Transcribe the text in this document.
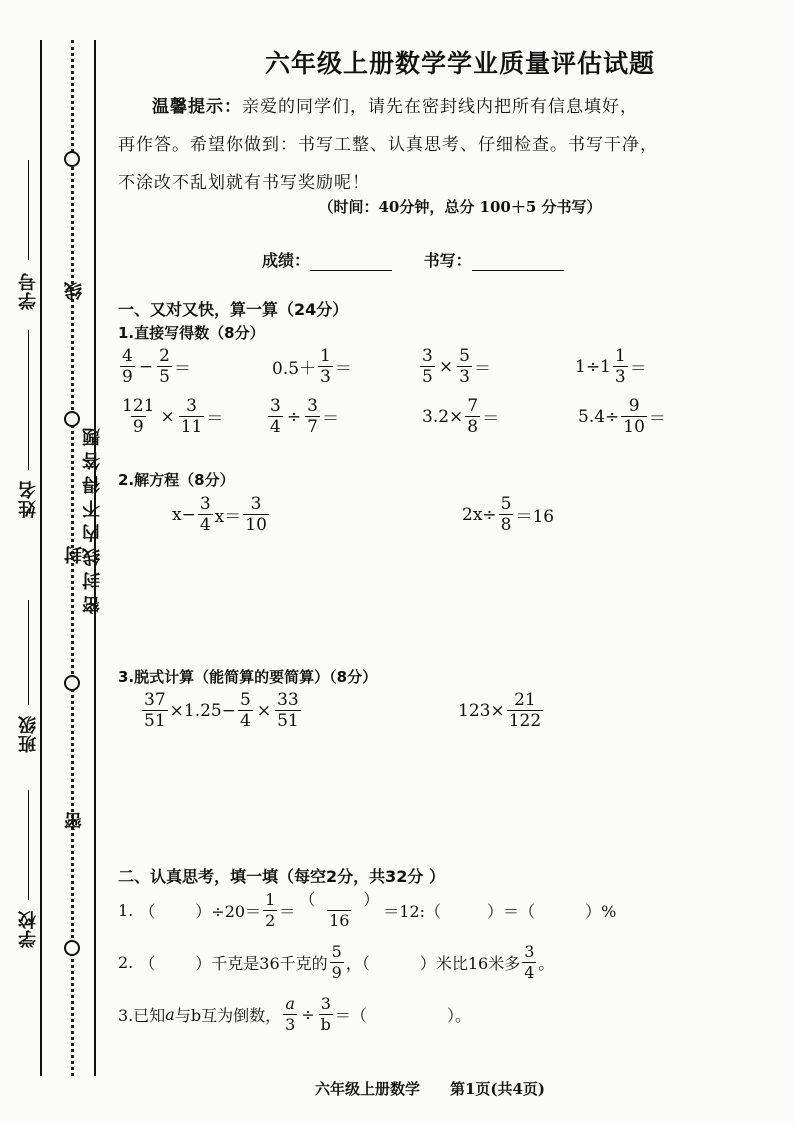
学号
姓名
班级
学校
线
封
密
密封线内不得答题
六年级上册数学学业质量评估试题
温馨提示：亲爱的同学们，请先在密封线内把所有信息填好，
再作答。希望你做到：书写工整、认真思考、仔细检查。书写干净，
不涂改不乱划就有书写奖励呢！
（时间：40分钟，总分 100＋5 分书写）
成绩：	书写：
一、又对又快，算一算（24分）
1.直接写得数（8分）
$\frac{4}{9} - \frac{2}{5}$ ＝	$0.5+ \frac{1}{3}$ ＝	$\frac{3}{5} \times \frac{5}{3}$ ＝	$1\div 1 \frac{1}{3}$ ＝
$\frac{121}{9} \times \frac{3}{11}$ ＝	$\frac{3}{4} \div \frac{3}{7}$ ＝	$3.2\times \frac{7}{8}$ ＝	$5.4\div \frac{9}{10}$ ＝
2.解方程（8分）
$x- \frac{3}{4} x= \frac{3}{10}$	$2x\div \frac{5}{8} =16$
3.脱式计算（能简算的要简算）（8分）
$\frac{37}{51} \times 1.25- \frac{5}{4} \times \frac{33}{51}$	$123\times \frac{21}{122}$
二、认真思考，填一填（每空2分，共32分 ）
1. （	）$\div 20= \frac{1}{2} = \frac{( )}{16}$ ＝12:（	）＝（	）%
2. （	）千克是36千克的 $\frac{5}{9}$ ，（	）米比16米多 $\frac{3}{4}$ 。
3.已知 a 与b互为倒数， $\frac{a}{3} \div \frac{3}{b}$ ＝（	）。
六年级上册数学　　第1页(共4页)
